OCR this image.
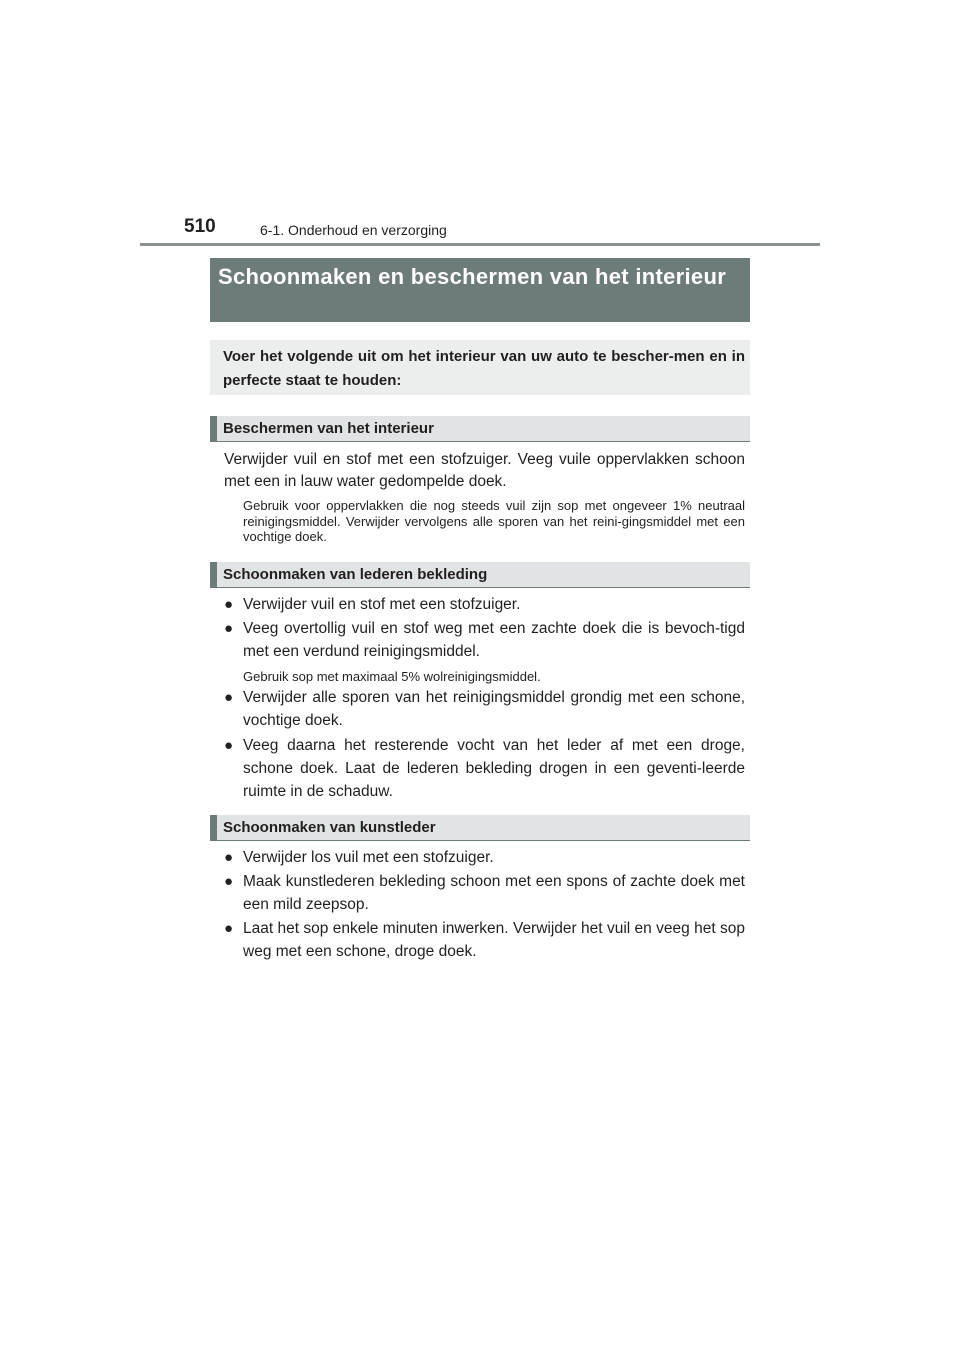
510	6-1. Onderhoud en verzorging
Schoonmaken en beschermen van het interieur
Voer het volgende uit om het interieur van uw auto te bescher-men en in perfecte staat te houden:
Beschermen van het interieur
Verwijder vuil en stof met een stofzuiger. Veeg vuile oppervlakken schoon met een in lauw water gedompelde doek.
Gebruik voor oppervlakken die nog steeds vuil zijn sop met ongeveer 1% neutraal reinigingsmiddel. Verwijder vervolgens alle sporen van het reini-gingsmiddel met een vochtige doek.
Schoonmaken van lederen bekleding
● Verwijder vuil en stof met een stofzuiger.
● Veeg overtollig vuil en stof weg met een zachte doek die is bevoch-tigd met een verdund reinigingsmiddel.
Gebruik sop met maximaal 5% wolreinigingsmiddel.
● Verwijder alle sporen van het reinigingsmiddel grondig met een schone, vochtige doek.
● Veeg daarna het resterende vocht van het leder af met een droge, schone doek. Laat de lederen bekleding drogen in een geventi-leerde ruimte in de schaduw.
Schoonmaken van kunstleder
● Verwijder los vuil met een stofzuiger.
● Maak kunstlederen bekleding schoon met een spons of zachte doek met een mild zeepsop.
● Laat het sop enkele minuten inwerken. Verwijder het vuil en veeg het sop weg met een schone, droge doek.
